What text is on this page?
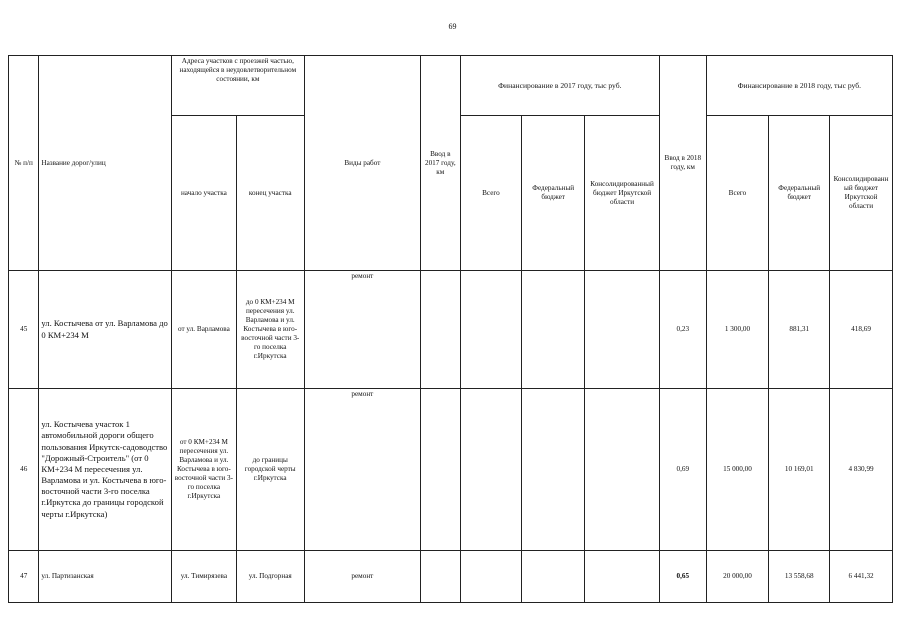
69
№ п/п	Название дорог/улиц	Адреса участков с проезжей частью, находящейся в неудовлетворительном состоянии, км		Виды работ	Ввод в 2017 году, км	Финансирование в 2017 году, тыс руб.			Ввод в 2018 году, км	Финансирование в 2018 году, тыс руб.		
		начало участка	конец участка			Всего	Федеральный бюджет	Консолидированный бюджет Иркутской области		Всего	Федеральный бюджет	Консолидированный бюджет Иркутской области
45	ул. Костычева от ул. Варламова до 0 КМ+234 М	от ул. Варламова	до 0 КМ+234 М пересечения ул. Варламова и ул. Костычева в юго-восточной части 3-го поселка г.Иркутска	ремонт					0,23	1 300,00	881,31	418,69
46	ул. Костычева участок 1 автомобильной дороги общего пользования Иркутск-садоводство "Дорожный-Строитель" (от 0 КМ+234 М пересечения ул. Варламова и ул. Костычева в юго-восточной части 3-го поселка г.Иркутска до границы городской черты г.Иркутска)	от 0 КМ+234 М пересечения ул. Варламова и ул. Костычева в юго-восточной части 3-го поселка г.Иркутска	до границы городской черты г.Иркутска	ремонт					0,69	15 000,00	10 169,01	4 830,99
47	ул. Партизанская	ул. Тимирязева	ул. Подгорная	ремонт					0,65	20 000,00	13 558,68	6 441,32
